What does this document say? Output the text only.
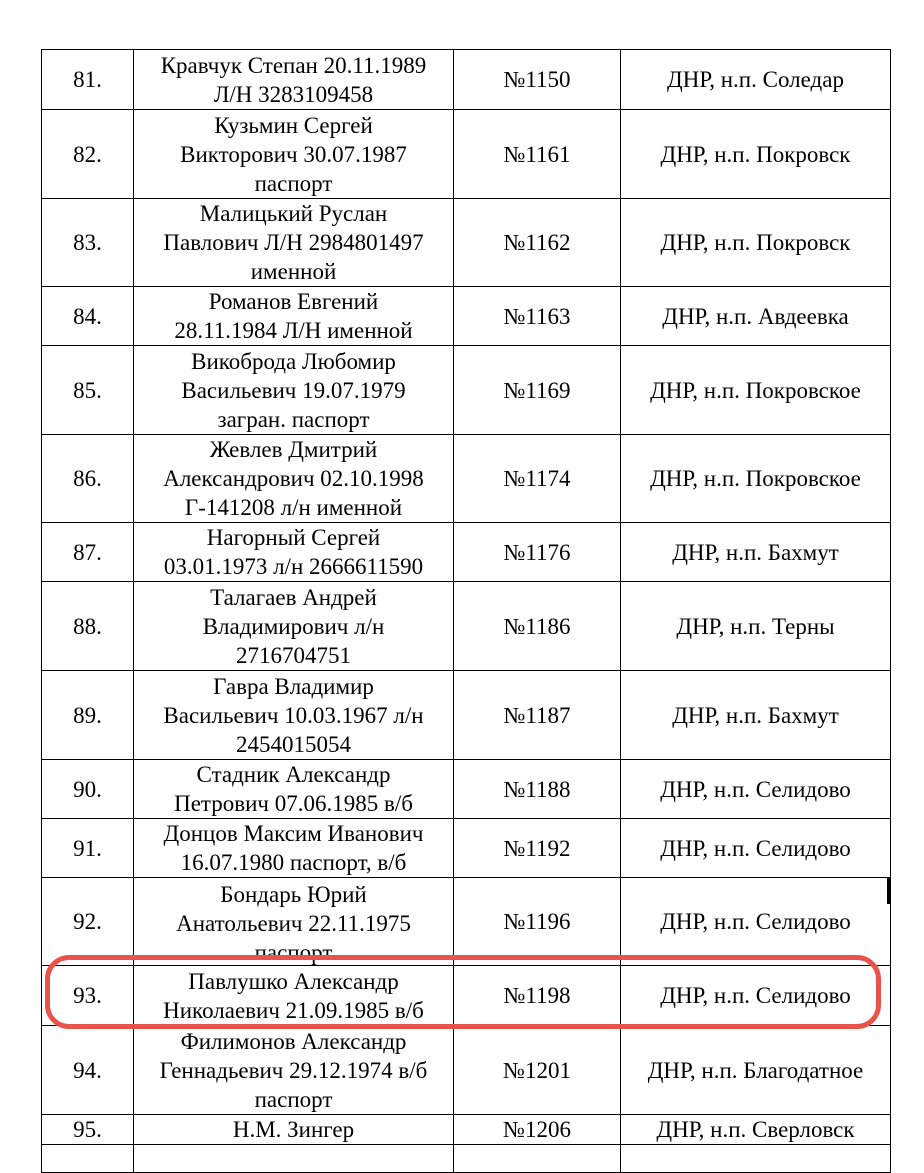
81.	Кравчук Степан 20.11.1989
Л/Н 3283109458	№1150	ДНР, н.п. Соледар
82.	Кузьмин Сергей
Викторович 30.07.1987
паспорт	№1161	ДНР, н.п. Покровск
83.	Малицький Руслан
Павлович Л/Н 2984801497
именной	№1162	ДНР, н.п. Покровск
84.	Романов Евгений
28.11.1984 Л/Н именной	№1163	ДНР, н.п. Авдеевка
85.	Викоброда Любомир
Васильевич 19.07.1979
загран. паспорт	№1169	ДНР, н.п. Покровское
86.	Жевлев Дмитрий
Александрович 02.10.1998
Г-141208 л/н именной	№1174	ДНР, н.п. Покровское
87.	Нагорный Сергей
03.01.1973 л/н 2666611590	№1176	ДНР, н.п. Бахмут
88.	Талагаев Андрей
Владимирович л/н
2716704751	№1186	ДНР, н.п. Терны
89.	Гавра Владимир
Васильевич 10.03.1967 л/н
2454015054	№1187	ДНР, н.п. Бахмут
90.	Стадник Александр
Петрович 07.06.1985 в/б	№1188	ДНР, н.п. Селидово
91.	Донцов Максим Иванович
16.07.1980 паспорт, в/б	№1192	ДНР, н.п. Селидово
92.	Бондарь Юрий
Анатольевич 22.11.1975

паспорт	№1196	ДНР, н.п. Селидово
93.	Павлушко Александр
Николаевич 21.09.1985 в/б	№1198	ДНР, н.п. Селидово
94.	Филимонов Александр
Геннадьевич 29.12.1974 в/б
паспорт	№1201	ДНР, н.п. Благодатное
95.	Н.М. Зингер	№1206	ДНР, н.п. Сверловск
